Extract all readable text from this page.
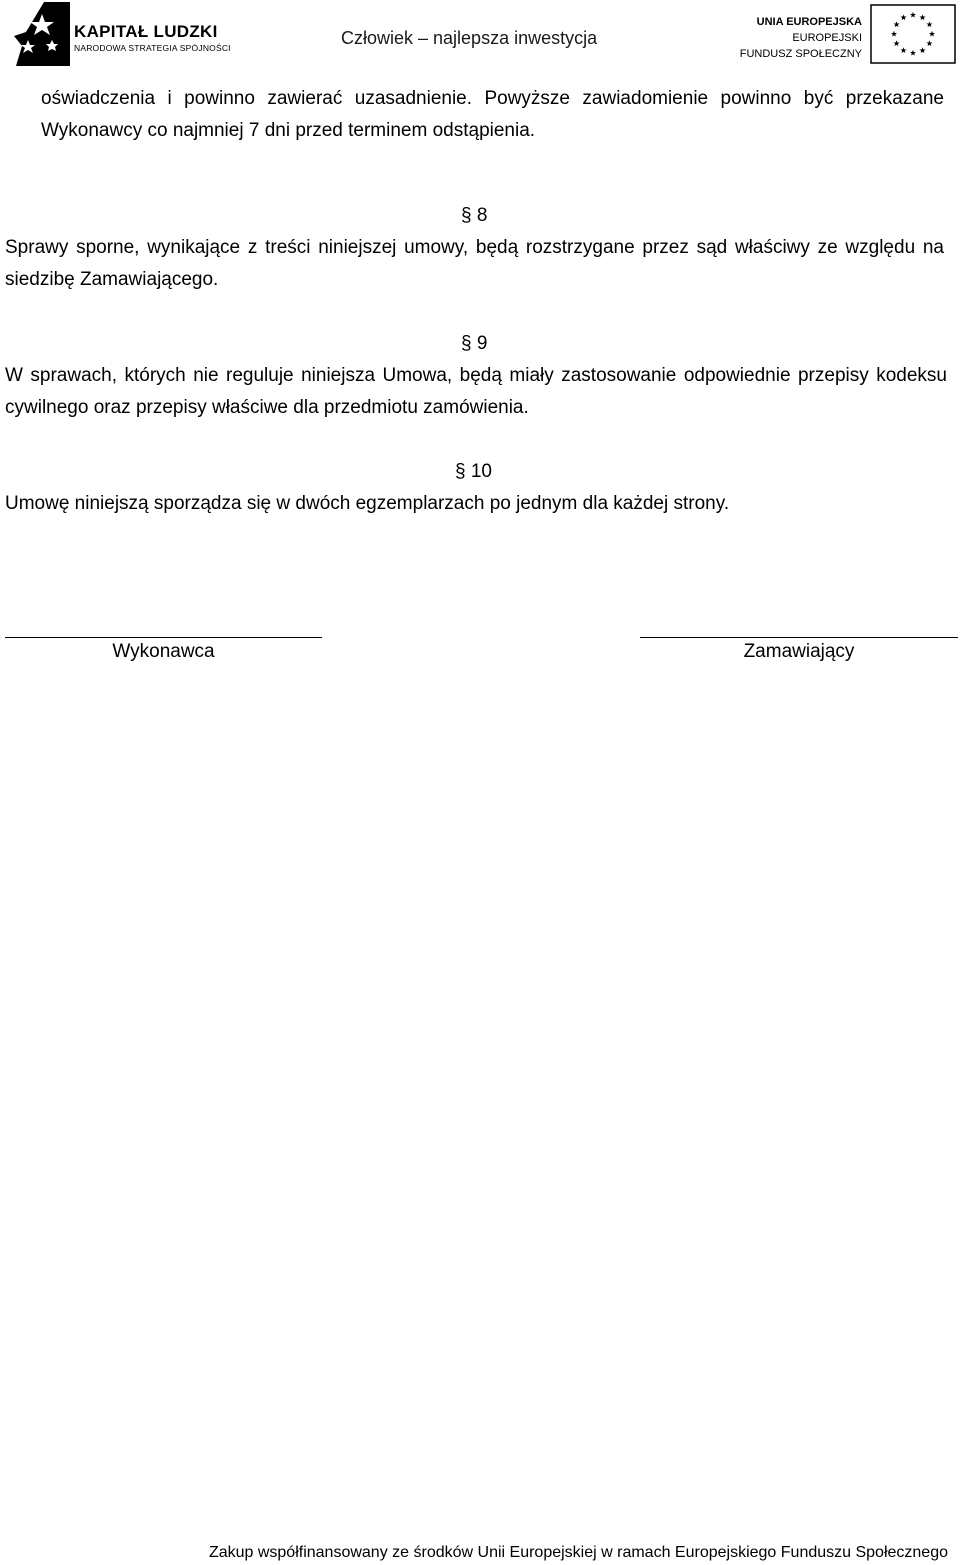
KAPITAŁ LUDZKI
NARODOWA STRATEGIA SPÓJNOŚCI	Człowiek – najlepsza inwestycja
UNIA EUROPEJSKA
EUROPEJSKI
FUNDUSZ SPOŁECZNY
oświadczenia i powinno zawierać uzasadnienie. Powyższe zawiadomienie powinno być przekazane Wykonawcy co najmniej 7 dni przed terminem odstąpienia.
§ 8
Sprawy sporne, wynikające z treści niniejszej umowy, będą rozstrzygane przez sąd właściwy ze względu na siedzibę Zamawiającego.
§ 9
W sprawach, których nie reguluje niniejsza Umowa, będą miały zastosowanie odpowiednie przepisy kodeksu cywilnego oraz przepisy właściwe dla przedmiotu zamówienia.
§ 10
Umowę niniejszą sporządza się w dwóch egzemplarzach po jednym dla każdej strony.
Wykonawca	Zamawiający
Zakup współfinansowany ze środków Unii Europejskiej w ramach Europejskiego Funduszu Społecznego
